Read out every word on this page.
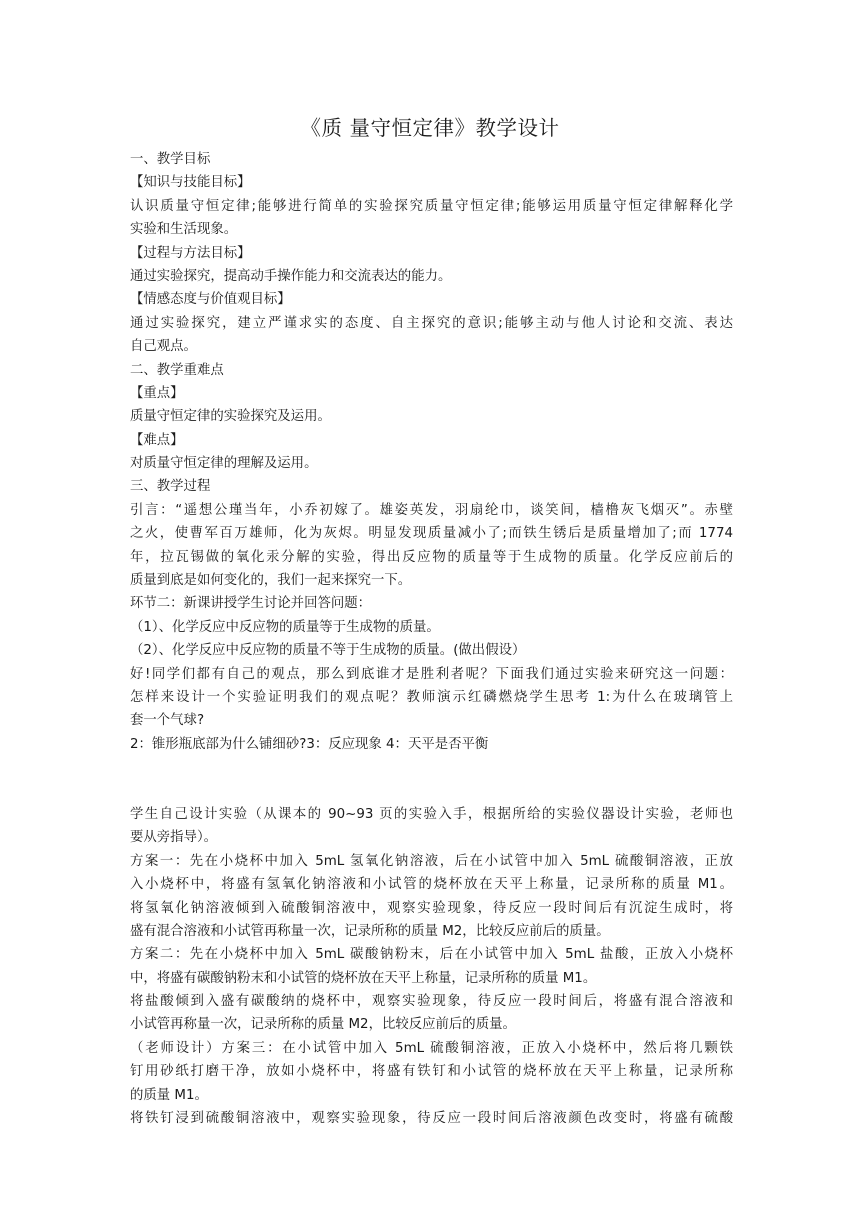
《质 量守恒定律》教学设计
一、教学目标
【知识与技能目标】
认识质量守恒定律;能够进行简单的实验探究质量守恒定律;能够运用质量守恒定律解释化学
实验和生活现象。
【过程与方法目标】
通过实验探究，提高动手操作能力和交流表达的能力。
【情感态度与价值观目标】
通过实验探究，建立严谨求实的态度、自主探究的意识;能够主动与他人讨论和交流、表达
自己观点。
二、教学重难点
【重点】
质量守恒定律的实验探究及运用。
【难点】
对质量守恒定律的理解及运用。
三、教学过程
引言：“遥想公瑾当年，小乔初嫁了。雄姿英发，羽扇纶巾，谈笑间，樯橹灰飞烟灭”。赤壁
之火，使曹军百万雄师，化为灰烬。明显发现质量减小了;而铁生锈后是质量增加了;而 1774
年，拉瓦锡做的氧化汞分解的实验，得出反应物的质量等于生成物的质量。化学反应前后的
质量到底是如何变化的，我们一起来探究一下。
环节二：新课讲授学生讨论并回答问题：
（1）、化学反应中反应物的质量等于生成物的质量。
（2）、化学反应中反应物的质量不等于生成物的质量。(做出假设）
好!同学们都有自己的观点，那么到底谁才是胜利者呢？下面我们通过实验来研究这一问题：
怎样来设计一个实验证明我们的观点呢？教师演示红磷燃烧学生思考 1:为什么在玻璃管上
套一个气球?
2：锥形瓶底部为什么铺细砂?3：反应现象 4：天平是否平衡
学生自己设计实验（从课本的 90~93 页的实验入手，根据所给的实验仪器设计实验，老师也
要从旁指导）。
方案一：先在小烧杯中加入 5mL 氢氧化钠溶液，后在小试管中加入 5mL 硫酸铜溶液，正放
入小烧杯中，将盛有氢氧化钠溶液和小试管的烧杯放在天平上称量，记录所称的质量 M1。
将氢氧化钠溶液倾到入硫酸铜溶液中，观察实验现象，待反应一段时间后有沉淀生成时，将
盛有混合溶液和小试管再称量一次，记录所称的质量 M2，比较反应前后的质量。
方案二：先在小烧杯中加入 5mL 碳酸钠粉末，后在小试管中加入 5mL 盐酸，正放入小烧杯
中，将盛有碳酸钠粉末和小试管的烧杯放在天平上称量，记录所称的质量 M1。
将盐酸倾到入盛有碳酸纳的烧杯中，观察实验现象，待反应一段时间后，将盛有混合溶液和
小试管再称量一次，记录所称的质量 M2，比较反应前后的质量。
（老师设计）方案三：在小试管中加入 5mL 硫酸铜溶液，正放入小烧杯中，然后将几颗铁
钉用砂纸打磨干净，放如小烧杯中，将盛有铁钉和小试管的烧杯放在天平上称量，记录所称
的质量 M1。
将铁钉浸到硫酸铜溶液中，观察实验现象，待反应一段时间后溶液颜色改变时，将盛有硫酸
